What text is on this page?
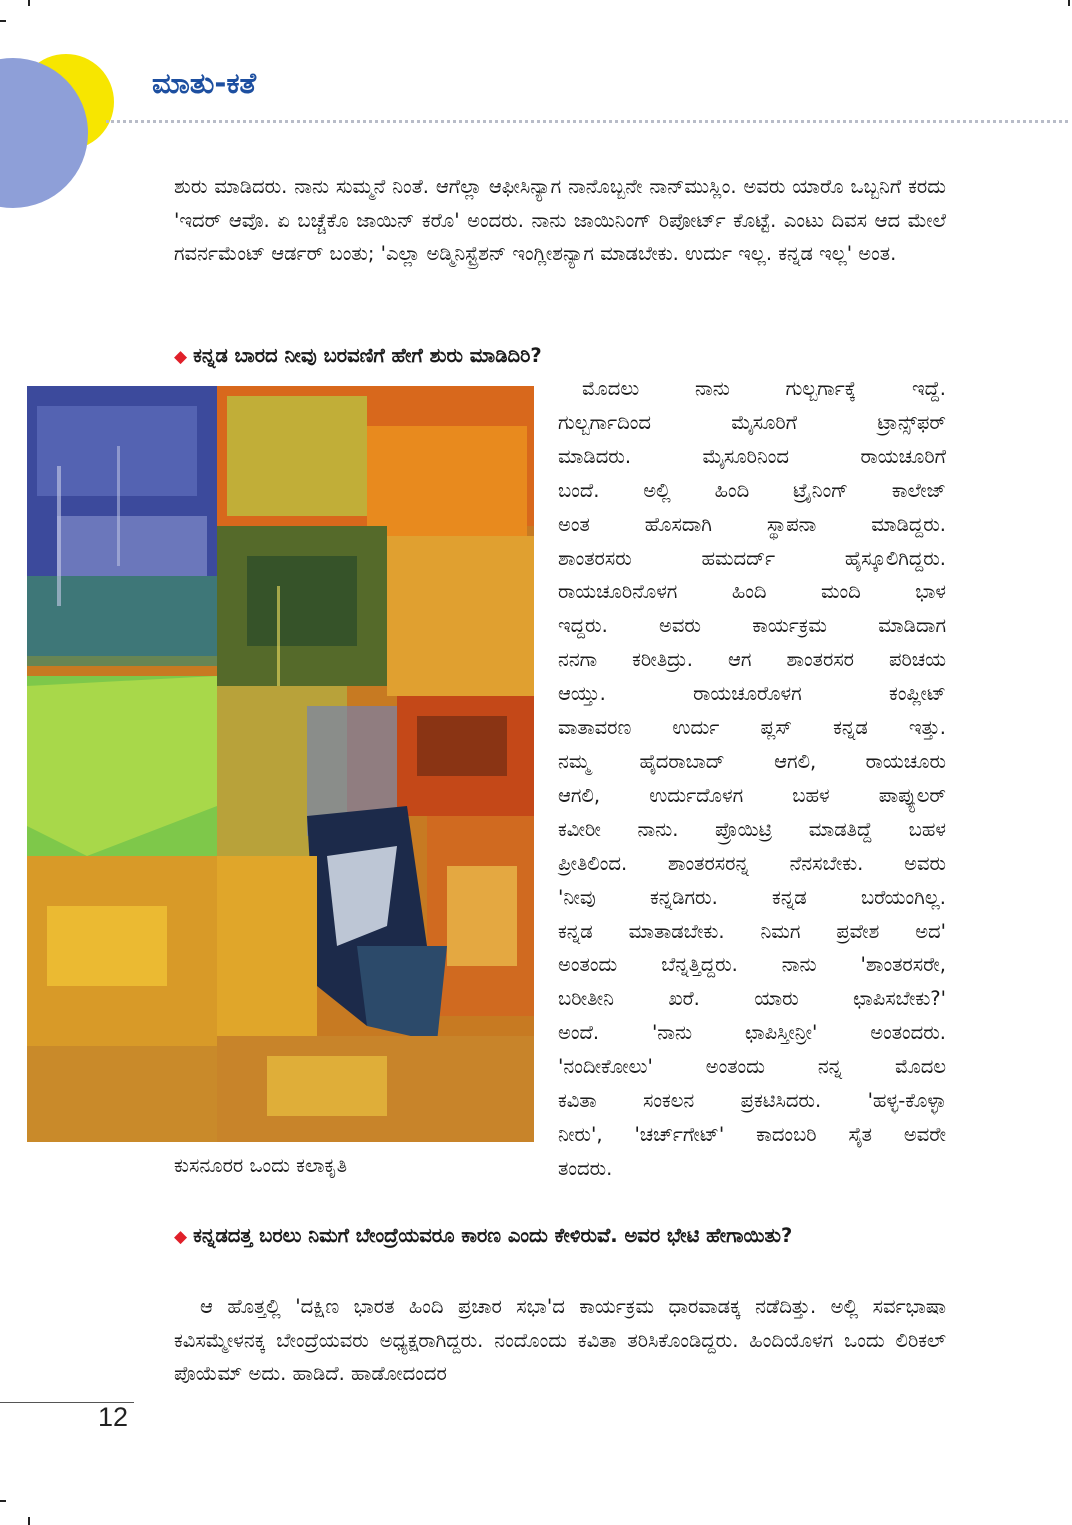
ಮಾತು-ಕತೆ

ಶುರು ಮಾಡಿದರು. ನಾನು ಸುಮ್ಮನೆ ನಿಂತೆ. ಆಗೆಲ್ಲಾ ಆಫೀಸಿನ್ಯಾಗ ನಾನೊಬ್ಬನೇ ನಾನ್‌ಮುಸ್ಲಿಂ. ಅವರು ಯಾರೊ ಒಬ್ಬನಿಗೆ ಕರದು 'ಇದರ್ ಆವೊ. ಏ ಬಚ್ಚೆಕೊ ಜಾಯಿನ್ ಕರೊ' ಅಂದರು. ನಾನು ಜಾಯಿನಿಂಗ್ ರಿಪೋರ್ಟ್ ಕೊಟ್ಟೆ. ಎಂಟು ದಿವಸ ಆದ ಮೇಲೆ ಗವರ್ನಮೆಂಟ್ ಆರ್ಡರ್ ಬಂತು; 'ಎಲ್ಲಾ ಅಡ್ಮಿನಿಸ್ಟ್ರೆಶನ್ ಇಂಗ್ಲೀಶನ್ಯಾಗ ಮಾಡಬೇಕು. ಉರ್ದು ಇಲ್ಲ. ಕನ್ನಡ ಇಲ್ಲ' ಅಂತ.

◆ ಕನ್ನಡ ಬಾರದ ನೀವು ಬರವಣಿಗೆ ಹೇಗೆ ಶುರು ಮಾಡಿದಿರಿ?

ಮೊದಲು ನಾನು ಗುಲ್ಬರ್ಗಾಕ್ಕೆ ಇದ್ದೆ.
ಗುಲ್ಬರ್ಗಾದಿಂದ ಮೈಸೂರಿಗೆ ಟ್ರಾನ್ಸ್‌ಫರ್
ಮಾಡಿದರು. ಮೈಸೂರಿನಿಂದ ರಾಯಚೂರಿಗೆ
ಬಂದೆ. ಅಲ್ಲಿ ಹಿಂದಿ ಟ್ರೈನಿಂಗ್ ಕಾಲೇಜ್
ಅಂತ ಹೊಸದಾಗಿ ಸ್ಥಾಪನಾ ಮಾಡಿದ್ದರು.
ಶಾಂತರಸರು ಹಮದರ್ದ್ ಹೈಸ್ಕೂಲಿಗಿದ್ದರು.
ರಾಯಚೂರಿನೊಳಗ ಹಿಂದಿ ಮಂದಿ ಭಾಳ
ಇದ್ದರು. ಅವರು ಕಾರ್ಯಕ್ರಮ ಮಾಡಿದಾಗ
ನನಗಾ ಕರೀತಿದ್ರು. ಆಗ ಶಾಂತರಸರ ಪರಿಚಯ
ಆಯ್ತು. ರಾಯಚೂರೊಳಗ ಕಂಪ್ಲೀಟ್
ವಾತಾವರಣ ಉರ್ದು ಪ್ಲಸ್ ಕನ್ನಡ ಇತ್ತು.
ನಮ್ಮ ಹೈದರಾಬಾದ್ ಆಗಲಿ, ರಾಯಚೂರು
ಆಗಲಿ, ಉರ್ದುದೊಳಗ ಬಹಳ ಪಾಪ್ಯುಲರ್
ಕವೀರೀ ನಾನು. ಪ್ರೊಯಿಟ್ರಿ ಮಾಡತಿದ್ದೆ ಬಹಳ
ಪ್ರೀತಿಲಿಂದ. ಶಾಂತರಸರನ್ನ ನೆನಸಬೇಕು. ಅವರು
'ನೀವು ಕನ್ನಡಿಗರು. ಕನ್ನಡ ಬರೆಯಂಗಿಲ್ಲ.
ಕನ್ನಡ ಮಾತಾಡಬೇಕು. ನಿಮಗ ಪ್ರವೇಶ ಅದ'
ಅಂತಂದು ಬೆನ್ನತ್ತಿದ್ದರು. ನಾನು 'ಶಾಂತರಸರೇ,
ಬರೀತೀನಿ ಖರೆ. ಯಾರು ಛಾಪಿಸಬೇಕು?'
ಅಂದೆ. 'ನಾನು ಛಾಪಿಸ್ತೀನ್ರೀ' ಅಂತಂದರು.
'ನಂದೀಕೋಲು' ಅಂತಂದು ನನ್ನ ಮೊದಲ
ಕವಿತಾ ಸಂಕಲನ ಪ್ರಕಟಿಸಿದರು. 'ಹಳ್ಳ-ಕೊಳ್ಳಾ
ನೀರು', 'ಚರ್ಚ್‌ಗೇಟ್' ಕಾದಂಬರಿ ಸೈತ ಅವರೇ
ತಂದರು.

ಕುಸನೂರರ ಒಂದು ಕಲಾಕೃತಿ

◆ ಕನ್ನಡದತ್ತ ಬರಲು ನಿಮಗೆ ಬೇಂದ್ರೆಯವರೂ ಕಾರಣ ಎಂದು ಕೇಳಿರುವೆ. ಅವರ ಭೇಟಿ ಹೇಗಾಯಿತು?

ಆ ಹೊತ್ತಲ್ಲಿ 'ದಕ್ಷಿಣ ಭಾರತ ಹಿಂದಿ ಪ್ರಚಾರ ಸಭಾ'ದ ಕಾರ್ಯಕ್ರಮ ಧಾರವಾಡಕ್ಕ ನಡೆದಿತ್ತು. ಅಲ್ಲಿ ಸರ್ವಭಾಷಾ ಕವಿಸಮ್ಮೇಳನಕ್ಕ ಬೇಂದ್ರೆಯವರು ಅಧ್ಯಕ್ಷರಾಗಿದ್ದರು. ನಂದೊಂದು ಕವಿತಾ ತರಿಸಿಕೊಂಡಿದ್ದರು. ಹಿಂದಿಯೊಳಗ ಒಂದು ಲಿರಿಕಲ್ ಪೊಯೆಮ್ ಅದು. ಹಾಡಿದೆ. ಹಾಡೋದಂದರ

12
